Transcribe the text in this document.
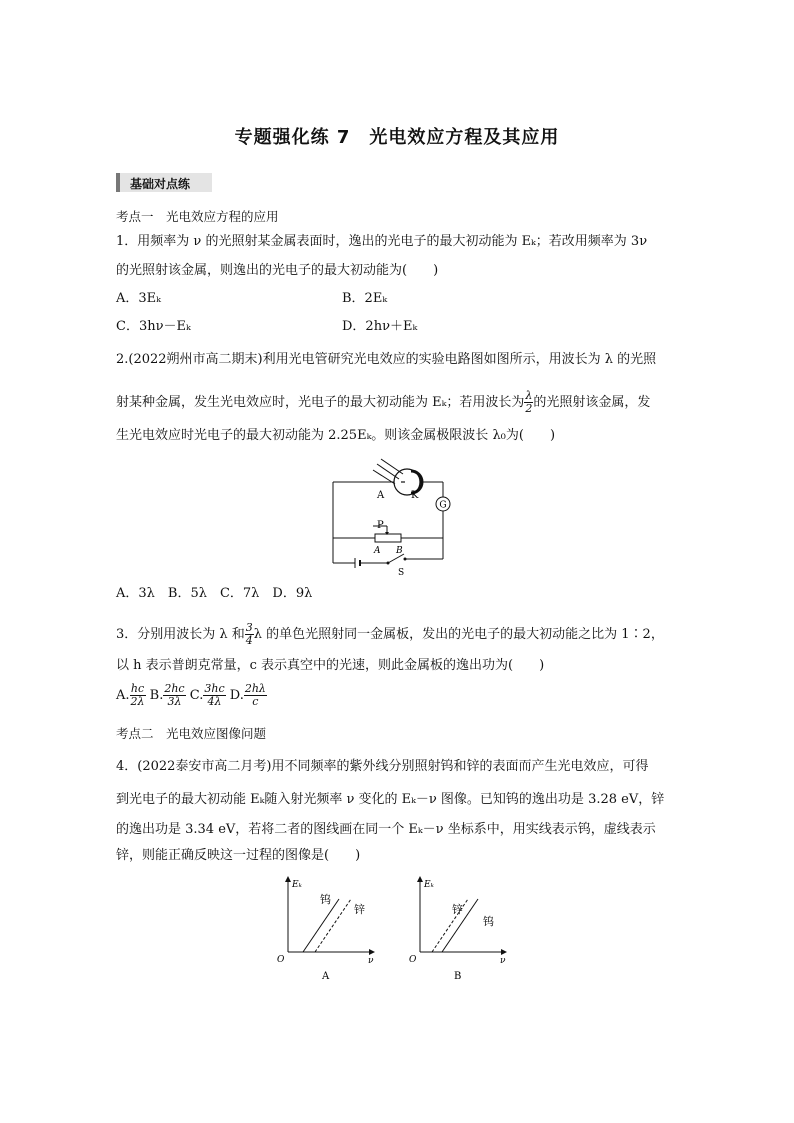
专题强化练 7　光电效应方程及其应用
基础对点练
考点一　光电效应方程的应用
1．用频率为 ν 的光照射某金属表面时，逸出的光电子的最大初动能为 Eₖ；若改用频率为 3ν
的光照射该金属，则逸出的光电子的最大初动能为(　　)
A．3Eₖ	B．2Eₖ
C．3hν－Eₖ	D．2hν＋Eₖ
2.(2022朔州市高二期末)利用光电管研究光电效应的实验电路图如图所示，用波长为 λ 的光照
射某种金属，发生光电效应时，光电子的最大初动能为 Eₖ；若用波长为 $\frac{\lambda}{2}$ 的光照射该金属，发
生光电效应时光电子的最大初动能为 2.25Eₖ。则该金属极限波长 λ₀为(　　)
G
A	K
P
A B
S
A．3λ　B．5λ　C．7λ　D．9λ
3．分别用波长为 λ 和 $\frac{3}{4}$ λ 的单色光照射同一金属板，发出的光电子的最大初动能之比为 1∶2，
以 h 表示普朗克常量，c 表示真空中的光速，则此金属板的逸出功为(　　)
A. $\frac{hc}{2\lambda} B$. $\frac{2hc}{3\lambda} C$. $\frac{3hc}{4\lambda} D$. $\frac{2h\lambda}{c}$
考点二　光电效应图像问题
4．(2022泰安市高二月考)用不同频率的紫外线分别照射钨和锌的表面而产生光电效应，可得
到光电子的最大初动能 Eₖ随入射光频率 ν 变化的 Eₖ－ν 图像。已知钨的逸出功是 3.28 eV，锌
的逸出功是 3.34 eV，若将二者的图线画在同一个 Eₖ－ν 坐标系中，用实线表示钨，虚线表示
锌，则能正确反映这一过程的图像是(　　)
Eₖ
ν
O
钨
锌
A
Eₖ
ν
O
锌
钨
B
